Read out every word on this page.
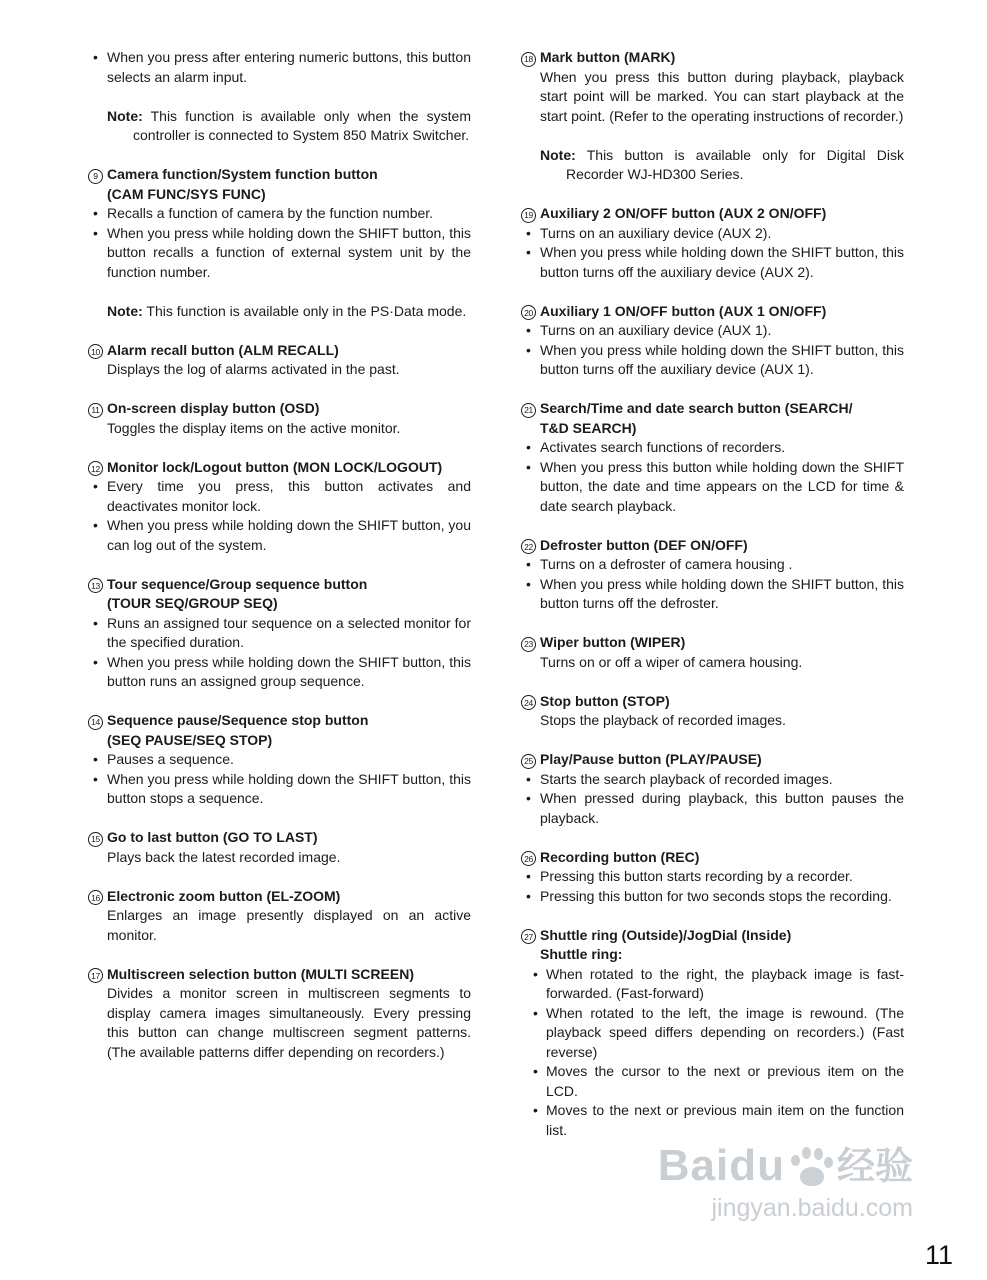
• When you press after entering numeric buttons, this button selects an alarm input.
Note: This function is available only when the system controller is connected to System 850 Matrix Switcher.
9 Camera function/System function button
(CAM FUNC/SYS FUNC)
• Recalls a function of camera by the function number.
• When you press while holding down the SHIFT button, this button recalls a function of external system unit by the function number.
Note: This function is available only in the PS·Data mode.
10 Alarm recall button (ALM RECALL)
Displays the log of alarms activated in the past.
11 On-screen display button (OSD)
Toggles the display items on the active monitor.
12 Monitor lock/Logout button (MON LOCK/LOGOUT)
• Every time you press, this button activates and deactivates monitor lock.
• When you press while holding down the SHIFT button, you can log out of the system.
13 Tour sequence/Group sequence button
(TOUR SEQ/GROUP SEQ)
• Runs an assigned tour sequence on a selected monitor for the specified duration.
• When you press while holding down the SHIFT button, this button runs an assigned group sequence.
14 Sequence pause/Sequence stop button
(SEQ PAUSE/SEQ STOP)
• Pauses a sequence.
• When you press while holding down the SHIFT button, this button stops a sequence.
15 Go to last button (GO TO LAST)
Plays back the latest recorded image.
16 Electronic zoom button (EL-ZOOM)
Enlarges an image presently displayed on an active monitor.
17 Multiscreen selection button (MULTI SCREEN)
Divides a monitor screen in multiscreen segments to display camera images simultaneously. Every pressing this button can change multiscreen segment patterns. (The available patterns differ depending on recorders.)
18 Mark button (MARK)
When you press this button during playback, playback start point will be marked. You can start playback at the start point. (Refer to the operating instructions of recorder.)
Note: This button is available only for Digital Disk Recorder WJ-HD300 Series.
19 Auxiliary 2 ON/OFF button (AUX 2 ON/OFF)
• Turns on an auxiliary device (AUX 2).
• When you press while holding down the SHIFT button, this button turns off the auxiliary device (AUX 2).
20 Auxiliary 1 ON/OFF button (AUX 1 ON/OFF)
• Turns on an auxiliary device (AUX 1).
• When you press while holding down the SHIFT button, this button turns off the auxiliary device (AUX 1).
21 Search/Time and date search button (SEARCH/
T&D SEARCH)
• Activates search functions of recorders.
• When you press this button while holding down the SHIFT button, the date and time appears on the LCD for time & date search playback.
22 Defroster button (DEF ON/OFF)
• Turns on a defroster of camera housing .
• When you press while holding down the SHIFT button, this button turns off the defroster.
23 Wiper button (WIPER)
Turns on or off a wiper of camera housing.
24 Stop button (STOP)
Stops the playback of recorded images.
25 Play/Pause button (PLAY/PAUSE)
• Starts the search playback of recorded images.
• When pressed during playback, this button pauses the playback.
26 Recording button (REC)
• Pressing this button starts recording by a recorder.
• Pressing this button for two seconds stops the recording.
27 Shuttle ring (Outside)/JogDial (Inside)
Shuttle ring:
• When rotated to the right, the playback image is fast-forwarded. (Fast-forward)
• When rotated to the left, the image is rewound. (The playback speed differs depending on recorders.) (Fast reverse)
• Moves the cursor to the next or previous item on the LCD.
• Moves to the next or previous main item on the function list.
Baidu 经验
jingyan.baidu.com
11
